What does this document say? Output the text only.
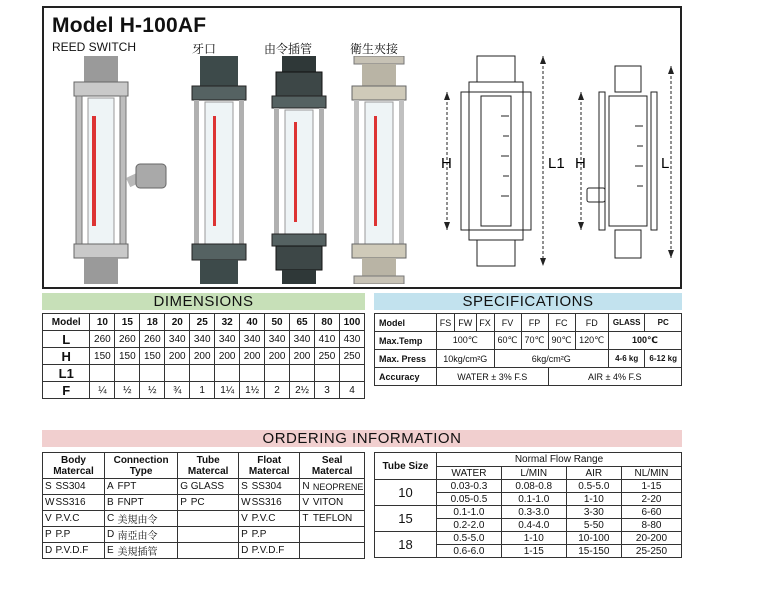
Model H-100AF
REED SWITCH	牙口	由令插管	衛生夾接
H	L1 H	L
DIMENSIONS
Model	10	15	18	20	25	32	40	50	65	80	100
L	260	260	260	340	340	340	340	340	340	410	430
H	150	150	150	200	200	200	200	200	200	250	250
L1											
F	¼	½	½	¾	1	1¼	1½	2	2½	3	4
SPECIFICATIONS
Model	FS	FW	FX	FV	FP	FC	FD	GLASS	PC
Max.Temp	100℃			60℃	70℃	90℃	120℃	100℃	
Max. Press	10kg/cm²G			6kg/cm²G				4-6 kg	6-12 kg
Accuracy	WATER ± 3% F.S					AIR ± 4% F.S			
ORDERING INFORMATION
Body Matercal		Connection Type		Tube Matercal		Float Matercal		Seal Matercal	
S	SS304	A	FPT	G	GLASS	S	SS304	N	NEOPRENE
W	SS316	B	FNPT	P	PC	W	SS316	V	VITON
V	P.V.C	C	美規由令			V	P.V.C	T	TEFLON
P	P.P	D	南亞由令			P	P.P		
D	P.V.D.F	E	美規插管			D	P.V.D.F		
Tube Size	Normal Flow Range			
	WATER	L/MIN	AIR	NL/MIN
10	0.03-0.3	0.08-0.8	0.5-5.0	1-15
	0.05-0.5	0.1-1.0	1-10	2-20
15	0.1-1.0	0.3-3.0	3-30	6-60
	0.2-2.0	0.4-4.0	5-50	8-80
18	0.5-5.0	1-10	10-100	20-200
	0.6-6.0	1-15	15-150	25-250
